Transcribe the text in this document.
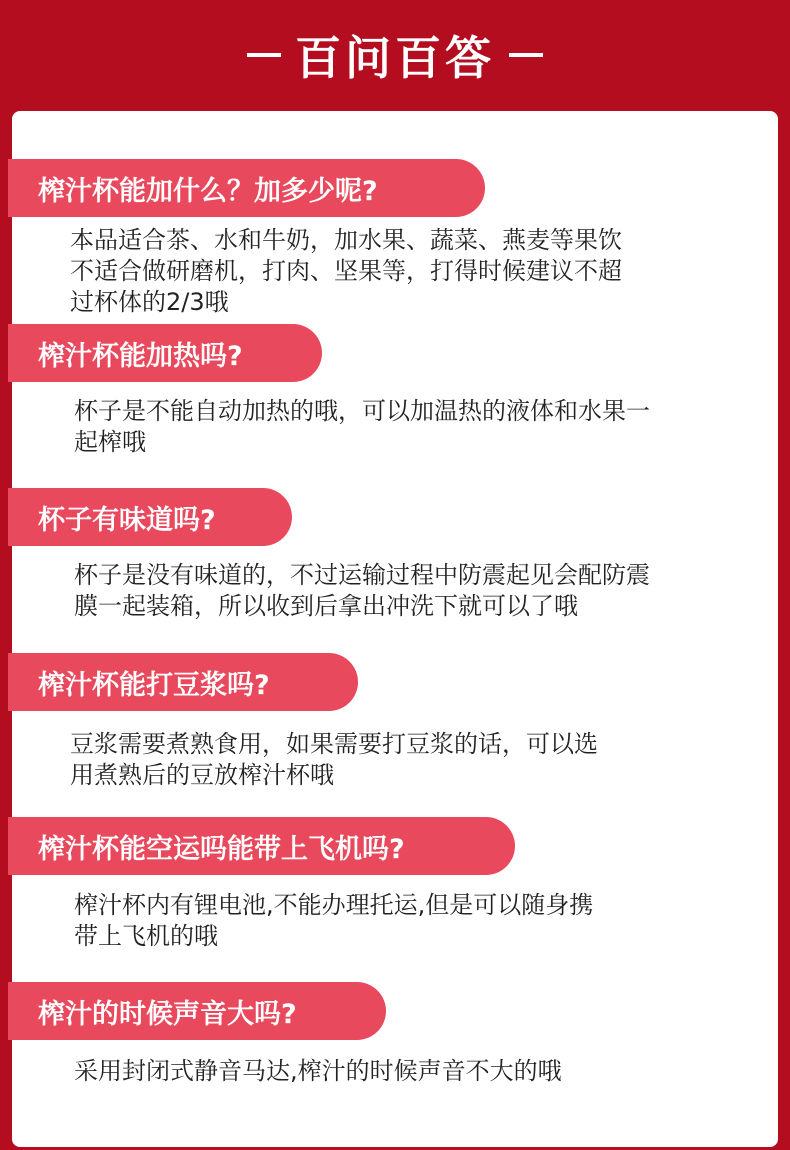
百问百答
榨汁杯能加什么？加多少呢?
本品适合茶、水和牛奶，加水果、蔬菜、燕麦等果饮
不适合做研磨机，打肉、坚果等，打得时候建议不超
过杯体的2/3哦
榨汁杯能加热吗?
杯子是不能自动加热的哦，可以加温热的液体和水果一
起榨哦
杯子有味道吗?
杯子是没有味道的，不过运输过程中防震起见会配防震
膜一起装箱，所以收到后拿出冲洗下就可以了哦
榨汁杯能打豆浆吗?
豆浆需要煮熟食用，如果需要打豆浆的话，可以选
用煮熟后的豆放榨汁杯哦
榨汁杯能空运吗能带上飞机吗?
榨汁杯内有锂电池,不能办理托运,但是可以随身携
带上飞机的哦
榨汁的时候声音大吗?
采用封闭式静音马达,榨汁的时候声音不大的哦
